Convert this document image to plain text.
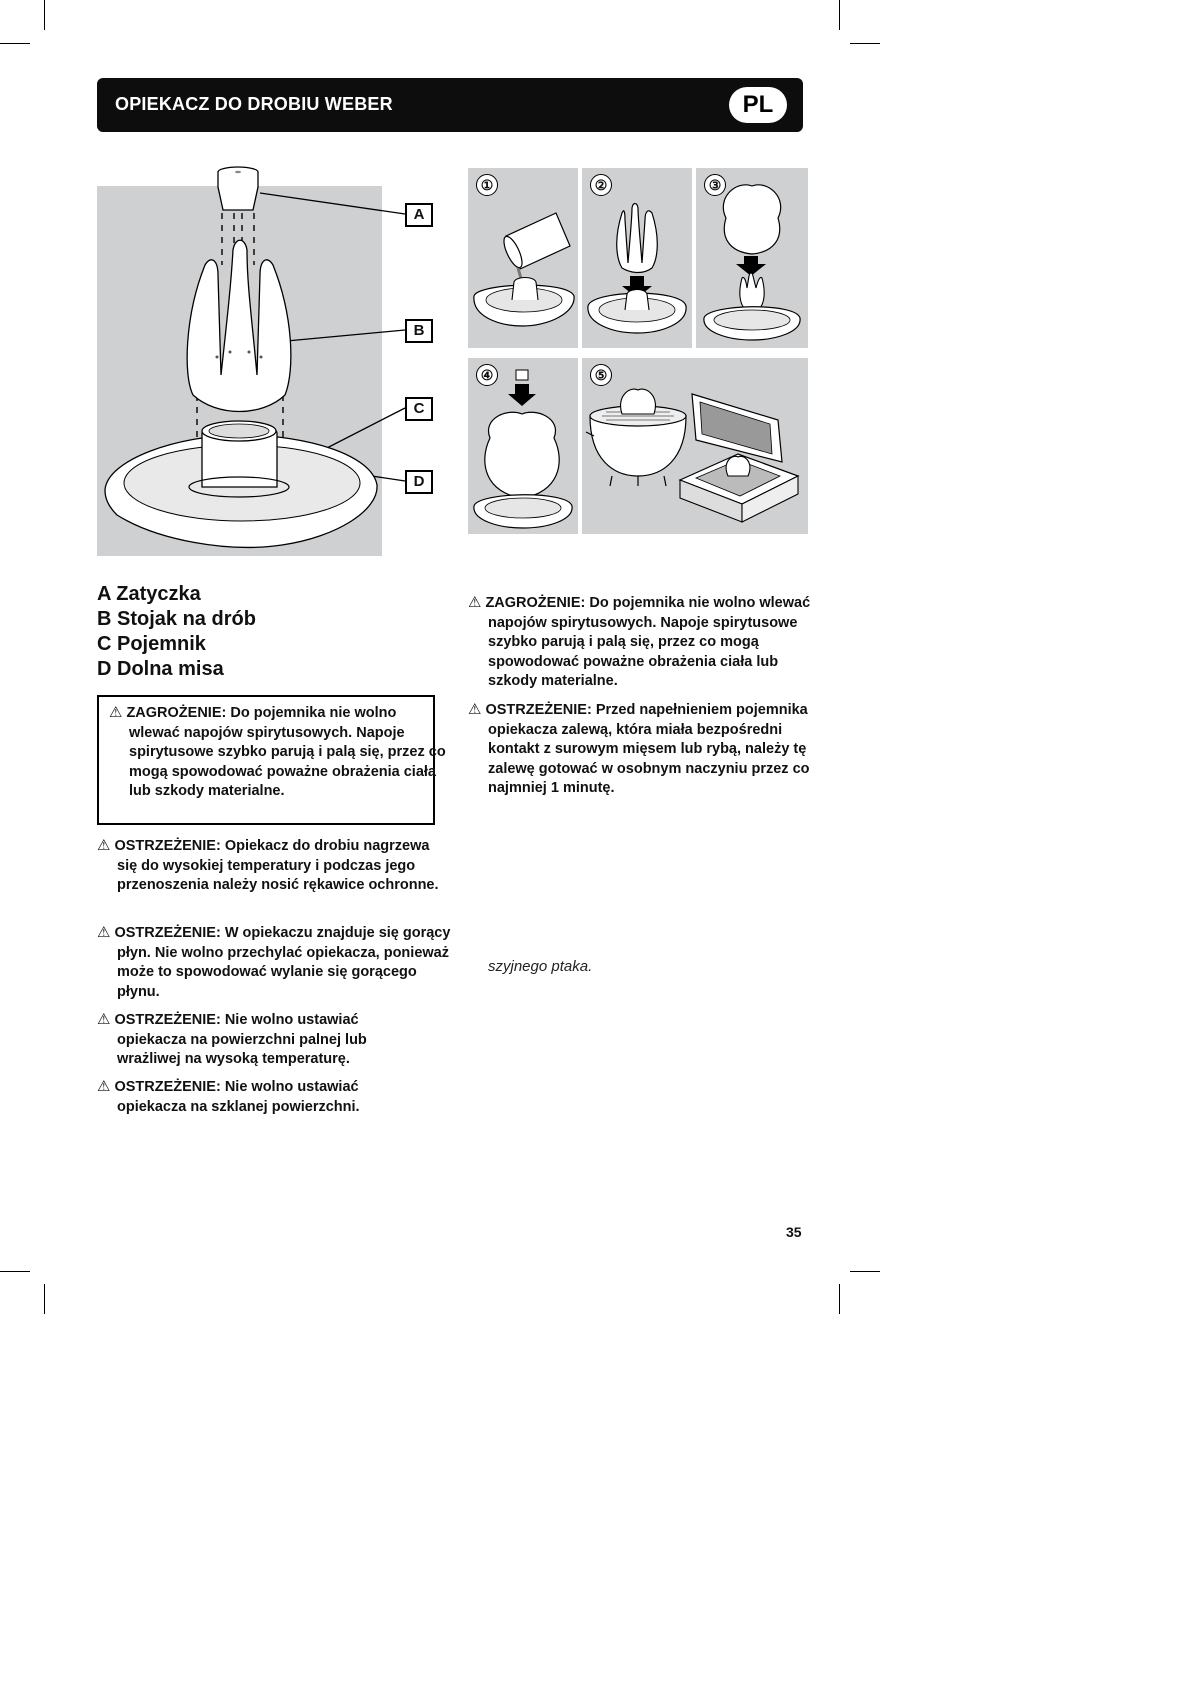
OPIEKACZ DO DROBIU WEBER	PL
A
B
C
D
①	②	③
④	⑤
A Zatyczka
B Stojak na drób
C Pojemnik
D Dolna misa
⚠ ZAGROŻENIE: Do pojemnika nie wolno wlewać napojów spirytusowych. Napoje spirytusowe szybko parują i palą się, przez co mogą spowodować poważne obrażenia ciała lub szkody materialne.
⚠ OSTRZEŻENIE: Opiekacz do drobiu nagrzewa się do wysokiej temperatury i podczas jego przenoszenia należy nosić rękawice ochronne.
⚠ OSTRZEŻENIE: W opiekaczu znajduje się gorący płyn. Nie wolno przechylać opiekacza, ponieważ może to spowodować wylanie się gorącego płynu.
⚠ OSTRZEŻENIE: Nie wolno ustawiać opiekacza na powierzchni palnej lub wrażliwej na wysoką temperaturę.
⚠ OSTRZEŻENIE: Nie wolno ustawiać opiekacza na szklanej powierzchni.
⚠ ZAGROŻENIE: Do pojemnika nie wolno wlewać napojów spirytusowych. Napoje spirytusowe szybko parują i palą się, przez co mogą spowodować poważne obrażenia ciała lub szkody materialne.
⚠ OSTRZEŻENIE: Przed napełnieniem pojemnika opiekacza zalewą, która miała bezpośredni kontakt z surowym mięsem lub rybą, należy tę zalewę gotować w osobnym naczyniu przez co najmniej 1 minutę.
szyjnego ptaka.
35
